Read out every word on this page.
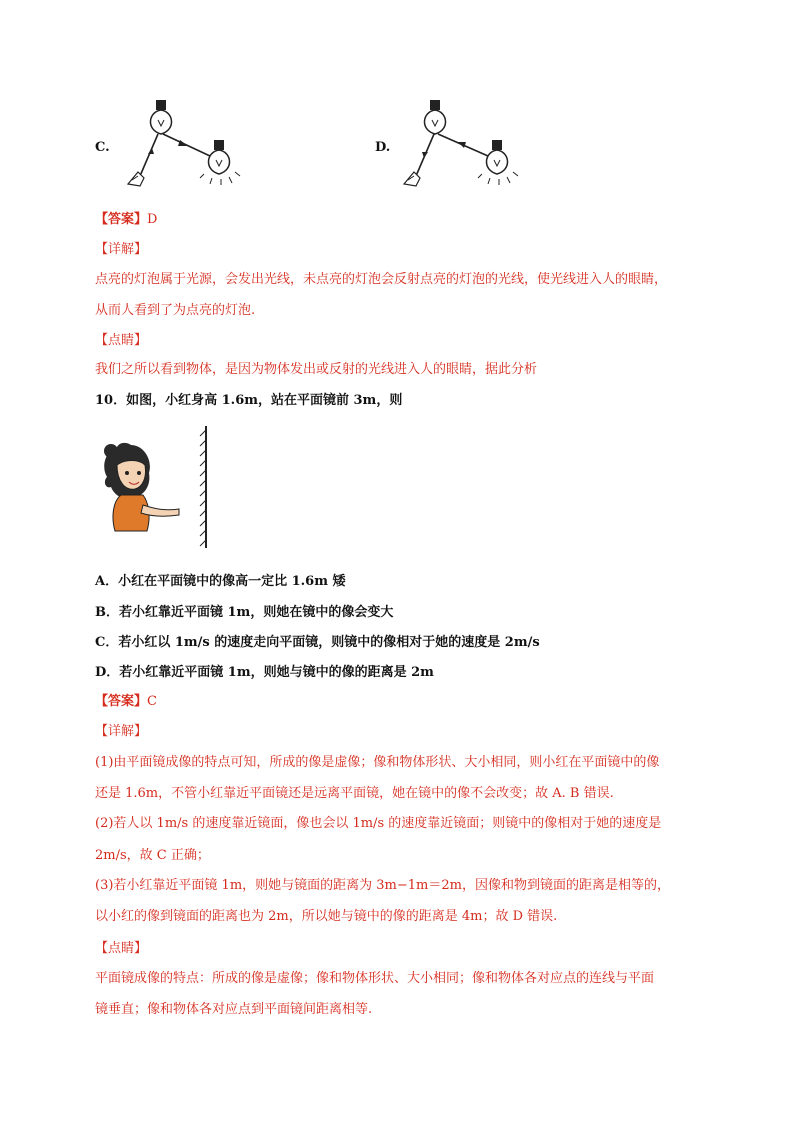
C.	D.
【答案】D
【详解】
点亮的灯泡属于光源，会发出光线，未点亮的灯泡会反射点亮的灯泡的光线，使光线进入人的眼睛，
从而人看到了为点亮的灯泡.
【点睛】
我们之所以看到物体，是因为物体发出或反射的光线进入人的眼睛，据此分析
10．如图，小红身高 1.6m，站在平面镜前 3m，则
A．小红在平面镜中的像高一定比 1.6m 矮
B．若小红靠近平面镜 1m，则她在镜中的像会变大
C．若小红以 1m/s 的速度走向平面镜，则镜中的像相对于她的速度是 2m/s
D．若小红靠近平面镜 1m，则她与镜中的像的距离是 2m
【答案】C
【详解】
(1)由平面镜成像的特点可知，所成的像是虚像；像和物体形状、大小相同，则小红在平面镜中的像
还是 1.6m，不管小红靠近平面镜还是远离平面镜，她在镜中的像不会改变；故 A. B 错误.
(2)若人以 1m/s 的速度靠近镜面，像也会以 1m/s 的速度靠近镜面；则镜中的像相对于她的速度是
2m/s，故 C 正确；
(3)若小红靠近平面镜 1m，则她与镜面的距离为 3m−1m＝2m，因像和物到镜面的距离是相等的，
以小红的像到镜面的距离也为 2m，所以她与镜中的像的距离是 4m；故 D 错误.
【点睛】
平面镜成像的特点：所成的像是虚像；像和物体形状、大小相同；像和物体各对应点的连线与平面
镜垂直；像和物体各对应点到平面镜间距离相等.
